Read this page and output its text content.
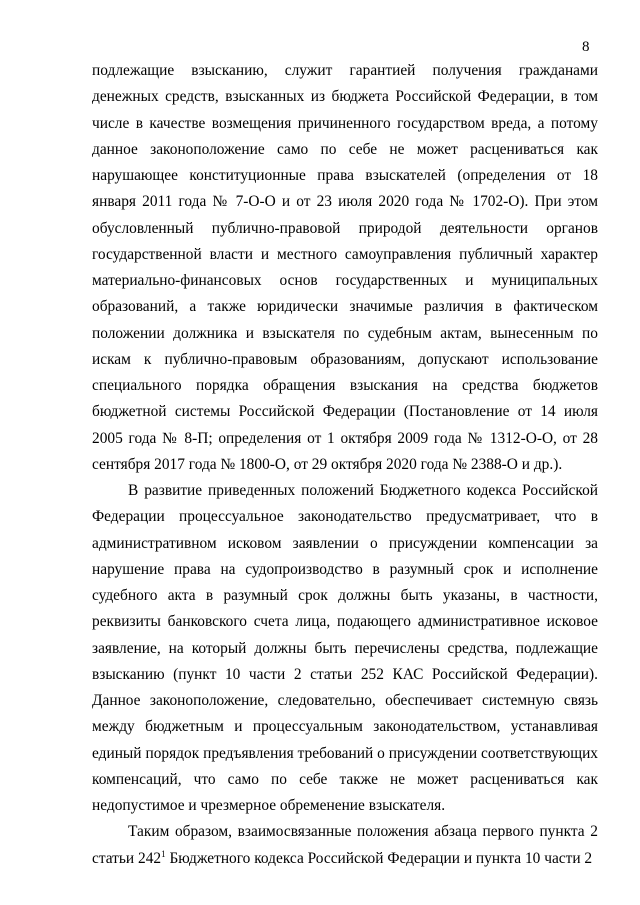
8

подлежащие взысканию, служит гарантией получения гражданами денежных средств, взысканных из бюджета Российской Федерации, в том числе в качестве возмещения причиненного государством вреда, а потому данное законоположение само по себе не может расцениваться как нарушающее конституционные права взыскателей (определения от 18 января 2011 года № 7-О-О и от 23 июля 2020 года № 1702-О). При этом обусловленный публично-правовой природой деятельности органов государственной власти и местного самоуправления публичный характер материально-финансовых основ государственных и муниципальных образований, а также юридически значимые различия в фактическом положении должника и взыскателя по судебным актам, вынесенным по искам к публично-правовым образованиям, допускают использование специального порядка обращения взыскания на средства бюджетов бюджетной системы Российской Федерации (Постановление от 14 июля 2005 года № 8-П; определения от 1 октября 2009 года № 1312-О-О, от 28 сентября 2017 года № 1800-О, от 29 октября 2020 года № 2388-О и др.).

В развитие приведенных положений Бюджетного кодекса Российской Федерации процессуальное законодательство предусматривает, что в административном исковом заявлении о присуждении компенсации за нарушение права на судопроизводство в разумный срок и исполнение судебного акта в разумный срок должны быть указаны, в частности, реквизиты банковского счета лица, подающего административное исковое заявление, на который должны быть перечислены средства, подлежащие взысканию (пункт 10 части 2 статьи 252 КАС Российской Федерации). Данное законоположение, следовательно, обеспечивает системную связь между бюджетным и процессуальным законодательством, устанавливая единый порядок предъявления требований о присуждении соответствующих компенсаций, что само по себе также не может расцениваться как недопустимое и чрезмерное обременение взыскателя.

Таким образом, взаимосвязанные положения абзаца первого пункта 2 статьи $242^1$ Бюджетного кодекса Российской Федерации и пункта 10 части 2
